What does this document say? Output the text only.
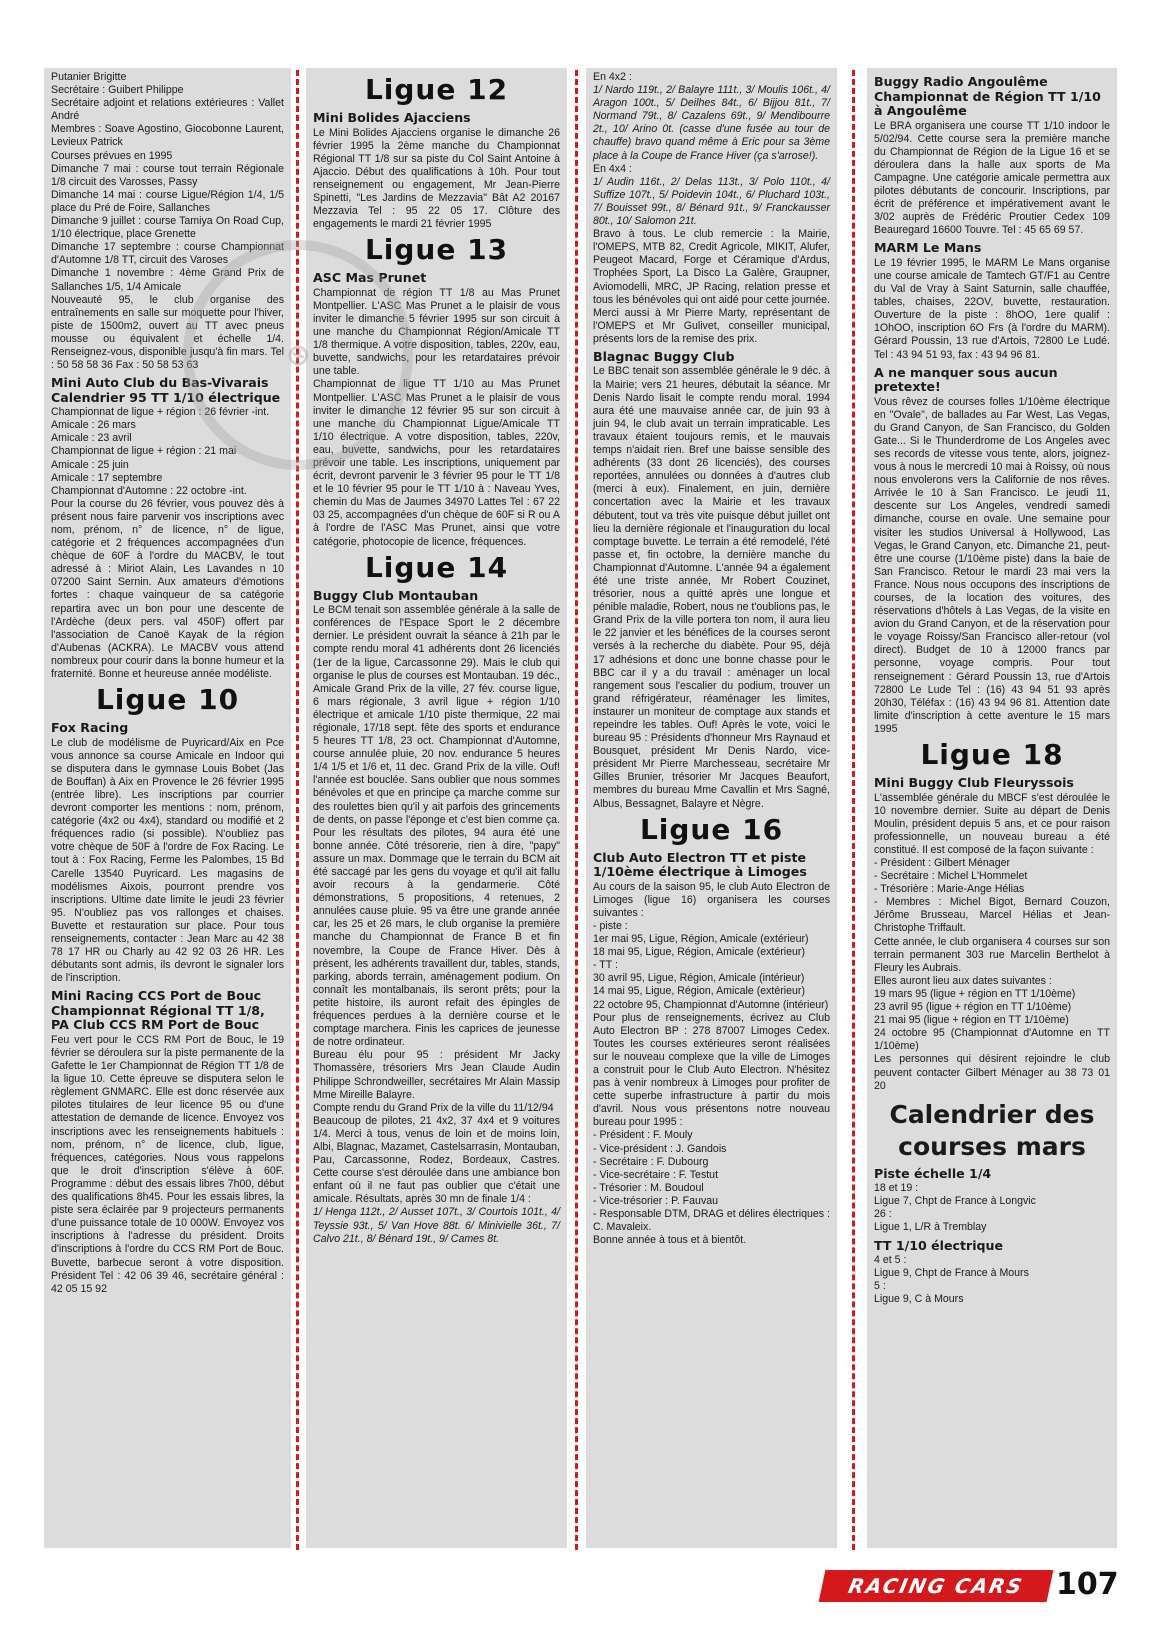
Putanier Brigitte
Secrétaire : Guibert Philippe
Secrétaire adjoint et relations extérieures : Vallet André
Membres : Soave Agostino, Giocobonne Laurent, Levieux Patrick
Courses prévues en 1995
Dimanche 7 mai : course tout terrain Régionale 1/8 circuit des Varosses, Passy
Dimanche 14 mai : course Ligue/Région 1/4, 1/5 place du Pré de Foire, Sallanches
Dimanche 9 juillet : course Tamiya On Road Cup, 1/10 électrique, place Grenette
Dimanche 17 septembre : course Championnat d'Automne 1/8 TT, circuit des Varoses
Dimanche 1 novembre : 4ème Grand Prix de Sallanches 1/5, 1/4 Amicale
Nouveauté 95, le club organise des entraînements en salle sur moquette pour l'hiver, piste de 1500m2, ouvert au TT avec pneus mousse ou équivalent et échelle 1/4. Renseignez-vous, disponible jusqu'à fin mars. Tel : 50 58 58 36 Fax : 50 58 53 63

Mini Auto Club du Bas-Vivarais Calendrier 95 TT 1/10 électrique

Championnat de ligue + région : 26 février -int.
Amicale : 26 mars
Amicale : 23 avril
Championnat de ligue + région : 21 mai
Amicale : 25 juin
Amicale : 17 septembre
Championnat d'Automne : 22 octobre -int.
Pour la course du 26 février, vous pouvez dès à présent nous faire parvenir vos inscriptions avec nom, prénom, n° de licence, n° de ligue, catégorie et 2 fréquences accompagnées d'un chèque de 60F à l'ordre du MACBV, le tout adressé à : Miriot Alain, Les Lavandes n 10 07200 Saint Sernin. Aux amateurs d'émotions fortes : chaque vainqueur de sa catégorie repartira avec un bon pour une descente de l'Ardèche (deux pers. val 450F) offert par l'association de Canoë Kayak de la région d'Aubenas (ACKRA). Le MACBV vous attend nombreux pour courir dans la bonne humeur et la fraternité. Bonne et heureuse année modéliste.

Ligue 10
Fox Racing

Le club de modélisme de Puyricard/Aix en Pce vous annonce sa course Amicale en Indoor qui se disputera dans le gymnase Louis Bobet (Jas de Bouffan) à Aix en Provence le 26 février 1995 (entrée libre). Les inscriptions par courrier devront comporter les mentions : nom, prénom, catégorie (4x2 ou 4x4), standard ou modifié et 2 fréquences radio (si possible). N'oubliez pas votre chèque de 50F à l'ordre de Fox Racing. Le tout à : Fox Racing, Ferme les Palombes, 15 Bd Carelle 13540 Puyricard. Les magasins de modélismes Aixois, pourront prendre vos inscriptions. Ultime date limite le jeudi 23 février 95. N'oubliez pas vos rallonges et chaises. Buvette et restauration sur place. Pour tous renseignements, contacter : Jean Marc au 42 38 78 17 HR ou Charly au 42 92 03 26 HR. Les débutants sont admis, ils devront le signaler lors de l'inscription.

Mini Racing CCS Port de Bouc Championnat Régional TT 1/8, PA Club CCS RM Port de Bouc

Feu vert pour le CCS RM Port de Bouc, le 19 février se déroulera sur la piste permanente de la Gafette le 1er Championnat de Région TT 1/8 de la ligue 10. Cette épreuve se disputera selon le règlement GNMARC. Elle est donc réservée aux pilotes titulaires de leur licence 95 ou d'une attestation de demande de licence. Envoyez vos inscriptions avec les renseignements habituels : nom, prénom, n° de licence, club, ligue, fréquences, catégories. Nous vous rappelons que le droit d'inscription s'élève à 60F. Programme : début des essais libres 7h00, début des qualifications 8h45. Pour les essais libres, la piste sera éclairée par 9 projecteurs permanents d'une puissance totale de 10 000W. Envoyez vos inscriptions à l'adresse du président. Droits d'inscriptions à l'ordre du CCS RM Port de Bouc. Buvette, barbecue seront à votre disposition. Président Tel : 42 06 39 46, secrétaire général : 42 05 15 92

Ligue 12
Mini Bolides Ajacciens

Le Mini Bolides Ajacciens organise le dimanche 26 février 1995 la 2ème manche du Championnat Régional TT 1/8 sur sa piste du Col Saint Antoine à Ajaccio. Début des qualifications à 10h. Pour tout renseignement ou engagement, Mr Jean-Pierre Spinetti, "Les Jardins de Mezzavia" Bât A2 20167 Mezzavia Tel : 95 22 05 17. Clôture des engagements le mardi 21 février 1995

Ligue 13
ASC Mas Prunet

Championnat de région TT 1/8 au Mas Prunet Montpellier. L'ASC Mas Prunet a le plaisir de vous inviter le dimanche 5 février 1995 sur son circuit à une manche du Championnat Région/Amicale TT 1/8 thermique. A votre disposition, tables, 220v, eau, buvette, sandwichs, pour les retardataires prévoir une table.
Championnat de ligue TT 1/10 au Mas Prunet Montpellier. L'ASC Mas Prunet a le plaisir de vous inviter le dimanche 12 février 95 sur son circuit à une manche du Championnat Ligue/Amicale TT 1/10 électrique. A votre disposition, tables, 220v, eau, buvette, sandwichs, pour les retardataires prévoir une table. Les inscriptions, uniquement par écrit, devront parvenir le 3 février 95 pour le TT 1/8 et le 10 février 95 pour le TT 1/10 à : Naveau Yves, chemin du Mas de Jaumes 34970 Lattes Tel : 67 22 03 25, accompagnées d'un chèque de 60F si R ou A à l'ordre de l'ASC Mas Prunet, ainsi que votre catégorie, photocopie de licence, fréquences.

Ligue 14
Buggy Club Montauban

Le BCM tenait son assemblée générale à la salle de conférences de l'Espace Sport le 2 décembre dernier. Le président ouvrait la séance à 21h par le compte rendu moral 41 adhérents dont 26 licenciés (1er de la ligue, Carcassonne 29). Mais le club qui organise le plus de courses est Montauban. 19 déc., Amicale Grand Prix de la ville, 27 fév. course ligue, 6 mars régionale, 3 avril ligue + région 1/10 électrique et amicale 1/10 piste thermique, 22 mai régionale, 17/18 sept. fête des sports et endurance 5 heures TT 1/8, 23 oct. Championnat d'Automne, course annulée pluie, 20 nov. endurance 5 heures 1/4 1/5 et 1/6 et, 11 dec. Grand Prix de la ville. Ouf! l'année est bouclée. Sans oublier que nous sommes bénévoles et que en principe ça marche comme sur des roulettes bien qu'il y ait parfois des grincements de dents, on passe l'éponge et c'est bien comme ça. Pour les résultats des pilotes, 94 aura été une bonne année. Côté trésorerie, rien à dire, "papy" assure un max. Dommage que le terrain du BCM ait été saccagé par les gens du voyage et qu'il ait fallu avoir recours à la gendarmerie. Côté démonstrations, 5 propositions, 4 retenues, 2 annulées cause pluie. 95 va être une grande année car, les 25 et 26 mars, le club organise la première manche du Championnat de France B et fin novembre, la Coupe de France Hiver. Dès à présent, les adhérents travaillent dur, tables, stands, parking, abords terrain, aménagement podium. On connaît les montalbanais, ils seront prêts; pour la petite histoire, ils auront refait des épingles de fréquences perdues à la dernière course et le comptage marchera. Finis les caprices de jeunesse de notre ordinateur.
Bureau élu pour 95 : président Mr Jacky Thomassère, trésoriers Mrs Jean Claude Audin Philippe Schrondweiller, secrétaires Mr Alain Massip Mme Mireille Balayre.
Compte rendu du Grand Prix de la ville du 11/12/94
Beaucoup de pilotes, 21 4x2, 37 4x4 et 9 voitures 1/4. Merci à tous, venus de loin et de moins loin, Albi, Blagnac, Mazamet, Castelsarrasin, Montauban, Pau, Carcassonne, Rodez, Bordeaux, Castres. Cette course s'est déroulée dans une ambiance bon enfant où il ne faut pas oublier que c'était une amicale. Résultats, après 30 mn de finale 1/4 :

1/ Henga 112t., 2/ Ausset 107t., 3/ Courtois 101t., 4/ Teyssie 93t., 5/ Van Hove 88t. 6/ Minivielle 36t., 7/ Calvo 21t., 8/ Bénard 19t., 9/ Cames 8t.

En 4x2 :

1/ Nardo 119t., 2/ Balayre 111t., 3/ Moulis 106t., 4/ Aragon 100t., 5/ Deilhes 84t., 6/ Bijjou 81t., 7/ Normand 79t., 8/ Cazalens 69t., 9/ Mendibourre 2t., 10/ Arino 0t. (casse d'une fusée au tour de chauffe) bravo quand même à Eric pour sa 3ème place à la Coupe de France Hiver (ça s'arrose!).

En 4x4 :

1/ Audin 116t., 2/ Delas 113t., 3/ Polo 110t., 4/ Suffize 107t., 5/ Poidevin 104t., 6/ Pluchard 103t., 7/ Bouisset 99t., 8/ Bénard 91t., 9/ Franckausser 80t., 10/ Salomon 21t.

Bravo à tous. Le club remercie : la Mairie, l'OMEPS, MTB 82, Credit Agricole, MIKIT, Alufer, Peugeot Macard, Forge et Céramique d'Ardus, Trophées Sport, La Disco La Galère, Graupner, Aviomodelli, MRC, JP Racing, relation presse et tous les bénévoles qui ont aidé pour cette journée. Merci aussi à Mr Pierre Marty, représentant de l'OMEPS et Mr Gulivet, conseiller municipal, présents lors de la remise des prix.

Blagnac Buggy Club

Le BBC tenait son assemblée générale le 9 déc. à la Mairie; vers 21 heures, débutait la séance. Mr Denis Nardo lisait le compte rendu moral. 1994 aura été une mauvaise année car, de juin 93 à juin 94, le club avait un terrain impraticable. Les travaux étaient toujours remis, et le mauvais temps n'aidait rien. Bref une baisse sensible des adhérents (33 dont 26 licenciés), des courses reportées, annulées ou données à d'autres club (merci à eux). Finalement, en juin, dernière concertation avec la Mairie et les travaux débutent, tout va très vite puisque début juillet ont lieu la dernière régionale et l'inauguration du local comptage buvette. Le terrain a été remodelé, l'été passe et, fin octobre, la dernière manche du Championnat d'Automne. L'année 94 a également été une triste année, Mr Robert Couzinet, trésorier, nous a quitté après une longue et pénible maladie, Robert, nous ne t'oublions pas, le Grand Prix de la ville portera ton nom, il aura lieu le 22 janvier et les bénéfices de la courses seront versés à la recherche du diabète. Pour 95, déjà 17 adhésions et donc une bonne chasse pour le BBC car il y a du travail : aménager un local rangement sous l'escalier du podium, trouver un grand réfrigérateur, réaménager les limites, instaurer un moniteur de comptage aux stands et repeindre les tables. Ouf! Après le vote, voici le bureau 95 : Présidents d'honneur Mrs Raynaud et Bousquet, président Mr Denis Nardo, vice-président Mr Pierre Marchesseau, secrétaire Mr Gilles Brunier, trésorier Mr Jacques Beaufort, membres du bureau Mme Cavallin et Mrs Sagné, Albus, Bessagnet, Balayre et Nègre.

Ligue 16
Club Auto Electron TT et piste 1/10ème électrique à Limoges

Au cours de la saison 95, le club Auto Electron de Limoges (ligue 16) organisera les courses suivantes :
- piste :
1er mai 95, Ligue, Région, Amicale (extérieur)
18 mai 95, Ligue, Région, Amicale (extérieur)
- TT :
30 avril 95, Ligue, Région, Amicale (intérieur)
14 mai 95, Ligue, Région, Amicale (extérieur)
22 octobre 95, Championnat d'Automne (intérieur)
Pour plus de renseignements, écrivez au Club Auto Electron BP : 278 87007 Limoges Cedex. Toutes les courses extérieures seront réalisées sur le nouveau complexe que la ville de Limoges a construit pour le Club Auto Electron. N'hésitez pas à venir nombreux à Limoges pour profiter de cette superbe infrastructure à partir du mois d'avril. Nous vous présentons notre nouveau bureau pour 1995 :
- Président : F. Mouly
- Vice-président : J. Gandois
- Secrétaire : F. Dubourg
- Vice-secrétaire : F. Testut
- Trésorier : M. Boudoul
- Vice-trésorier : P. Fauvau
- Responsable DTM, DRAG et délires électriques : C. Mavaleix.
Bonne année à tous et à bientôt.

Buggy Radio Angoulême Championnat de Région TT 1/10 à Angoulême

Le BRA organisera une course TT 1/10 indoor le 5/02/94. Cette course sera la première manche du Championnat de Région de la Ligue 16 et se déroulera dans la halle aux sports de Ma Campagne. Une catégorie amicale permettra aux pilotes débutants de concourir. Inscriptions, par écrit de préférence et impérativement avant le 3/02 auprès de Frédéric Proutier Cedex 109 Beauregard 16600 Touvre. Tel : 45 65 69 57.

MARM Le Mans

Le 19 février 1995, le MARM Le Mans organise une course amicale de Tamtech GT/F1 au Centre du Val de Vray à Saint Saturnin, salle chauffée, tables, chaises, 22OV, buvette, restauration. Ouverture de la piste : 8hOO, 1ere qualif : 1OhOO, inscription 6O Frs (à l'ordre du MARM). Gérard Poussin, 13 rue d'Artois, 72800 Le Ludé. Tel : 43 94 51 93, fax : 43 94 96 81.

A ne manquer sous aucun pretexte!

Vous rêvez de courses folles 1/10ème électrique en "Ovale", de ballades au Far West, Las Vegas, du Grand Canyon, de San Francisco, du Golden Gate... Si le Thunderdrome de Los Angeles avec ses records de vitesse vous tente, alors, joignez-vous à nous le mercredi 10 mai à Roissy, où nous nous envolerons vers la Californie de nos rêves. Arrivée le 10 à San Francisco. Le jeudi 11, descente sur Los Angeles, vendredi samedi dimanche, course en ovale. Une semaine pour visiter les studios Universal à Hollywood, Las Vegas, le Grand Canyon, etc. Dimanche 21, peut-être une course (1/10ème piste) dans la baie de San Francisco. Retour le mardi 23 mai vers la France. Nous nous occupons des inscriptions de courses, de la location des voitures, des réservations d'hôtels à Las Vegas, de la visite en avion du Grand Canyon, et de la réservation pour le voyage Roissy/San Francisco aller-retour (vol direct). Budget de 10 à 12000 francs par personne, voyage compris. Pour tout renseignement : Gérard Poussin 13, rue d'Artois 72800 Le Lude Tel : (16) 43 94 51 93 après 20h30, Téléfax : (16) 43 94 96 81. Attention date limite d'inscription à cette aventure le 15 mars 1995

Ligue 18
Mini Buggy Club Fleuryssois

L'assemblée générale du MBCF s'est déroulée le 10 novembre dernier. Suite au départ de Denis Moulin, président depuis 5 ans, et ce pour raison professionnelle, un nouveau bureau a été constitué. Il est composé de la façon suivante :
- Président : Gilbert Ménager
- Secrétaire : Michel L'Hommelet
- Trésorière : Marie-Ange Hélias
- Membres : Michel Bigot, Bernard Couzon, Jérôme Brusseau, Marcel Hélias et Jean-Christophe Triffault.
Cette année, le club organisera 4 courses sur son terrain permanent 303 rue Marcelin Berthelot à Fleury les Aubrais.
Elles auront lieu aux dates suivantes :
19 mars 95 (ligue + région en TT 1/10ème)
23 avril 95 (ligue + région en TT 1/10ème)
21 mai 95 (ligue + région en TT 1/10ème)
24 octobre 95 (Championnat d'Automne en TT 1/10ème)
Les personnes qui désirent rejoindre le club peuvent contacter Gilbert Ménager au 38 73 01 20

Calendrier des courses mars
Piste échelle 1/4

18 et 19 :
Ligue 7, Chpt de France à Longvic
26 :
Ligue 1, L/R à Tremblay

TT 1/10 électrique

4 et 5 :
Ligue 9, Chpt de France à Mours
5 :
Ligue 9, C à Mours

⊗
RACING CARS	107
